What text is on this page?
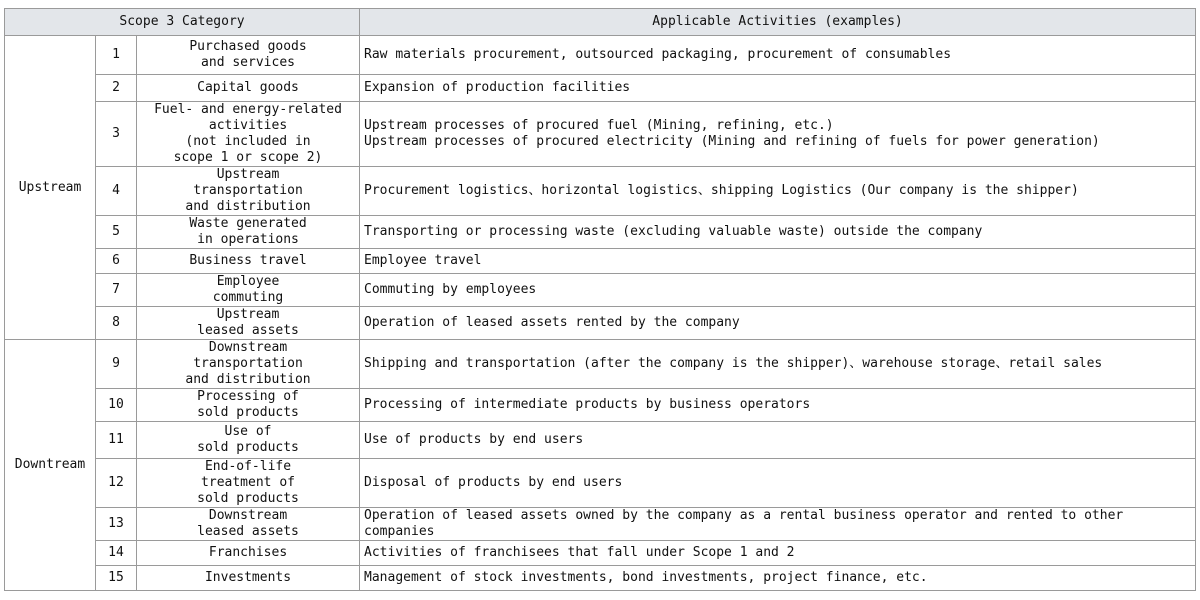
Scope 3 Category			Applicable Activities (examples)
Upstream	1	Purchased goods
and services	Raw materials procurement, outsourced packaging, procurement of consumables
	2	Capital goods	Expansion of production facilities
	3	Fuel- and energy-related
activities
(not included in
scope 1 or scope 2)	Upstream processes of procured fuel (Mining, refining, etc.)
Upstream processes of procured electricity (Mining and refining of fuels for power generation)
	4	Upstream
transportation
and distribution	Procurement logistics、horizontal logistics、shipping Logistics (Our company is the shipper)
	5	Waste generated
in operations	Transporting or processing waste (excluding valuable waste) outside the company
	6	Business travel	Employee travel
	7	Employee
commuting	Commuting by employees
	8	Upstream
leased assets	Operation of leased assets rented by the company
Downtream	9	Downstream
transportation
and distribution	Shipping and transportation (after the company is the shipper)、warehouse storage、retail sales
	10	Processing of
sold products	Processing of intermediate products by business operators
	11	Use of
sold products	Use of products by end users
	12	End-of-life
treatment of
sold products	Disposal of products by end users
	13	Downstream
leased assets	Operation of leased assets owned by the company as a rental business operator and rented to other companies
	14	Franchises	Activities of franchisees that fall under Scope 1 and 2
	15	Investments	Management of stock investments, bond investments, project finance, etc.
